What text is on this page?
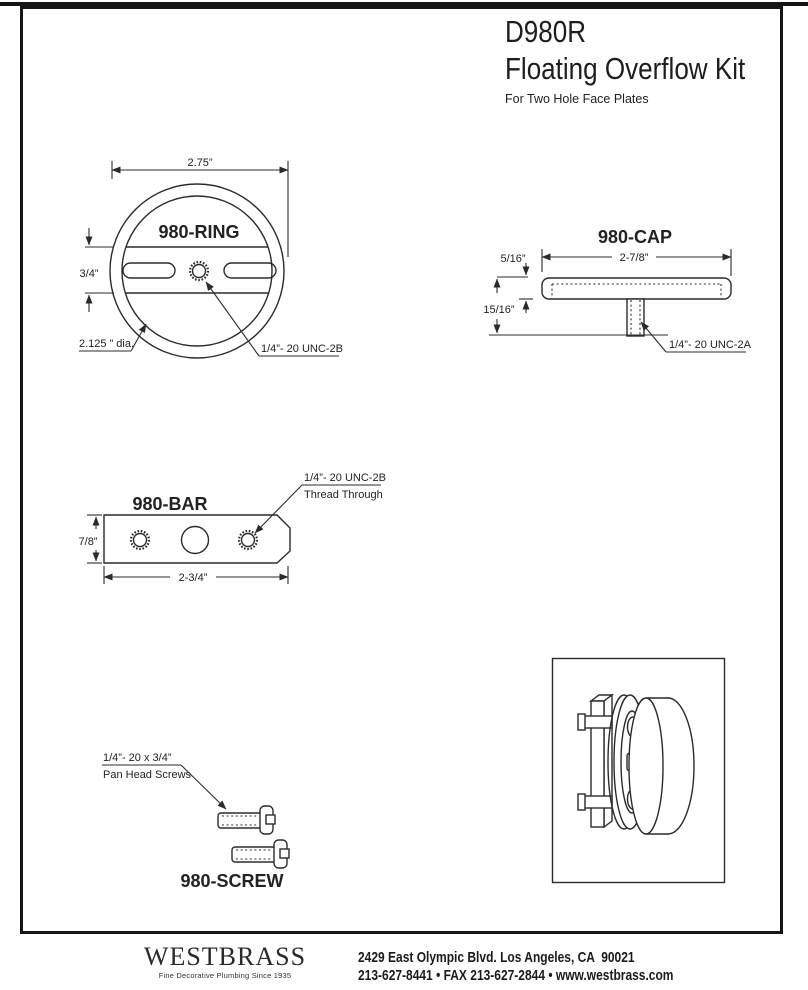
D980R
Floating Overflow Kit
For Two Hole Face Plates
2.75”
980-RING
3/4”
2.125 ” dia.	1/4”- 20 UNC-2B
980-CAP
2-7/8”
5/16”
15/16”
1/4”- 20 UNC-2A
980-BAR
7/8”
2-3/4”
1/4”- 20 UNC-2B
Thread Through
1/4”- 20 x 3/4”
Pan Head Screws
980-SCREW
WESTBRASS
Fine Decorative Plumbing Since 1935
2429 East Olympic Blvd. Los Angeles, CA  90021
213-627-8441 • FAX 213-627-2844 • www.westbrass.com
